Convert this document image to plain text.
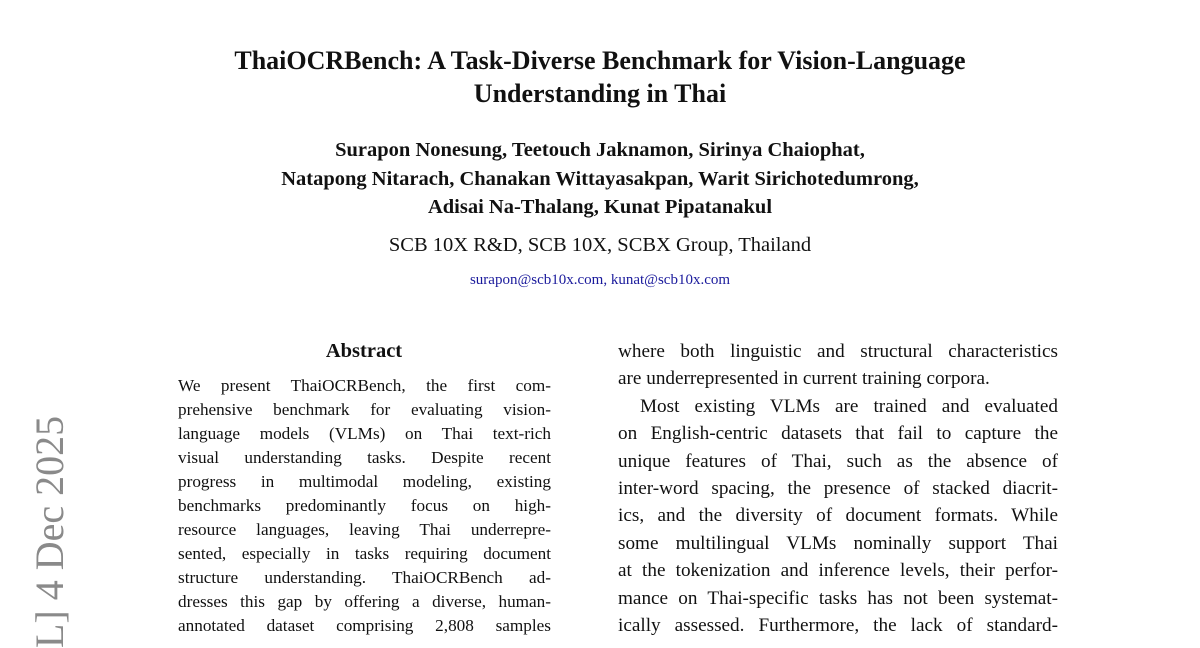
ThaiOCRBench: A Task-Diverse Benchmark for Vision-Language
Understanding in Thai
Surapon Nonesung, Teetouch Jaknamon, Sirinya Chaiophat,
Natapong Nitarach, Chanakan Wittayasakpan, Warit Sirichotedumrong,
Adisai Na-Thalang, Kunat Pipatanakul
SCB 10X R&D, SCB 10X, SCBX Group, Thailand
surapon@scb10x.com, kunat@scb10x.com
Abstract
We present ThaiOCRBench, the first com-
prehensive benchmark for evaluating vision-
language models (VLMs) on Thai text-rich
visual understanding tasks. Despite recent
progress in multimodal modeling, existing
benchmarks predominantly focus on high-
resource languages, leaving Thai underrepre-
sented, especially in tasks requiring document
structure understanding. ThaiOCRBench ad-
dresses this gap by offering a diverse, human-
annotated dataset comprising 2,808 samples
where both linguistic and structural characteristics
are underrepresented in current training corpora.
Most existing VLMs are trained and evaluated
on English-centric datasets that fail to capture the
unique features of Thai, such as the absence of
inter-word spacing, the presence of stacked diacrit-
ics, and the diversity of document formats. While
some multilingual VLMs nominally support Thai
at the tokenization and inference levels, their perfor-
mance on Thai-specific tasks has not been systemat-
ically assessed. Furthermore, the lack of standard-
L] 4 Dec 2025
